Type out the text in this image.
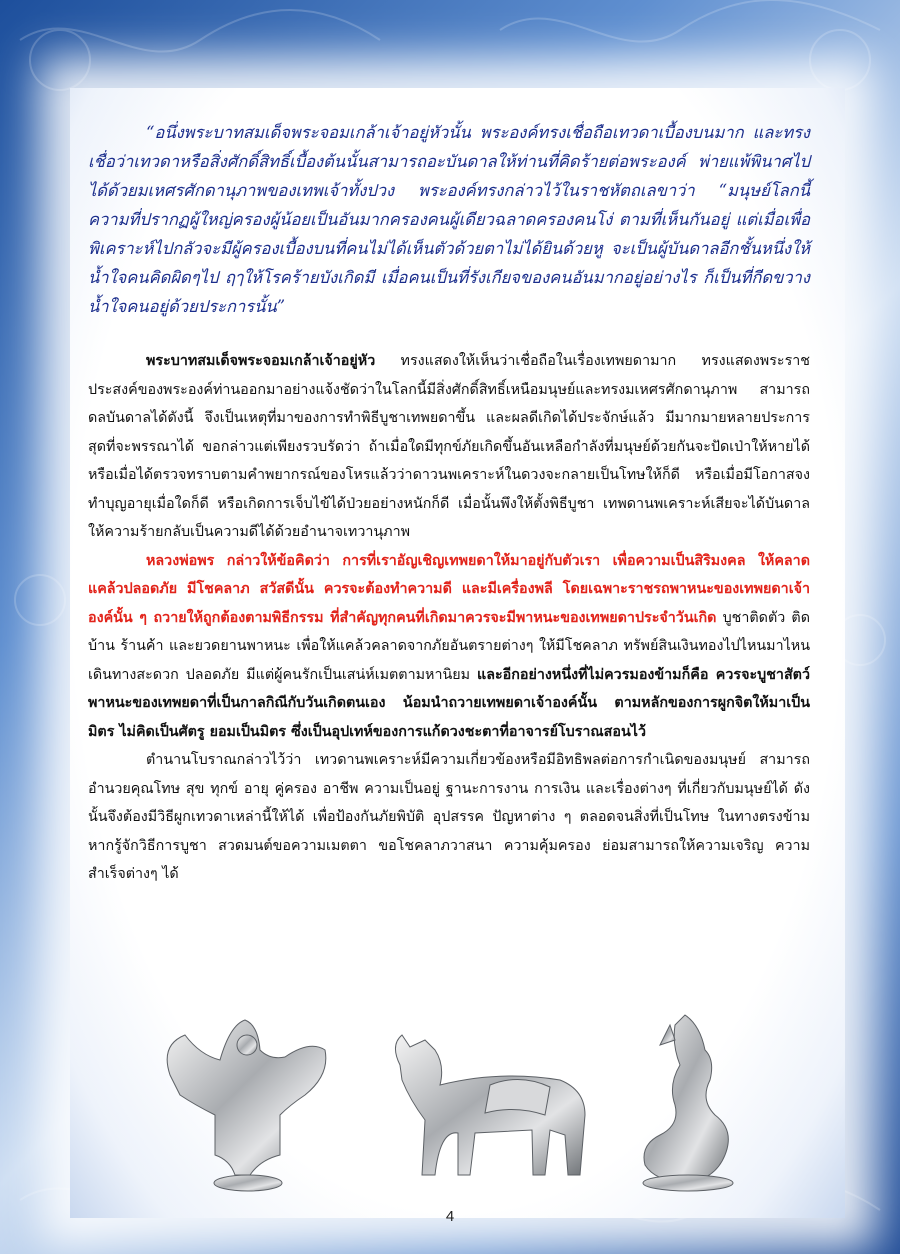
“อนึ่งพระบาทสมเด็จพระจอมเกล้าเจ้าอยู่หัวนั้น พระองค์ทรงเชื่อถือเทวดาเบื้องบนมาก และทรงเชื่อว่าเทวดาหรือสิ่งศักดิ์สิทธิ์เบื้องต้นนั้นสามารถอะบันดาลให้ท่านที่คิดร้ายต่อพระองค์ พ่ายแพ้พินาศไปได้ด้วยมเหศรศักดานุภาพของเทพเจ้าทั้งปวง พระองค์ทรงกล่าวไว้ในราชหัตถเลขาว่า “มนุษย์โลกนี้ความที่ปรากฏผู้ใหญ่ครองผู้น้อยเป็นอันมากครองคนผู้เดียวฉลาดครองคนโง่ ตามที่เห็นกันอยู่ แต่เมื่อเพื่อพิเคราะห์ไปกลัวจะมีผู้ครองเบื้องบนที่คนไม่ได้เห็นตัวด้วยตาไม่ได้ยินด้วยหู จะเป็นผู้บันดาลอีกชั้นหนึ่งให้น้ำใจคนคิดผิดๆไป ฤๅให้โรคร้ายบังเกิดมี เมื่อคนเป็นที่รังเกียจของคนอันมากอยู่อย่างไร ก็เป็นที่กีดขวางน้ำใจคนอยู่ด้วยประการนั้น”

พระบาทสมเด็จพระจอมเกล้าเจ้าอยู่หัว ทรงแสดงให้เห็นว่าเชื่อถือในเรื่องเทพยดามาก ทรงแสดงพระราชประสงค์ของพระองค์ท่านออกมาอย่างแจ้งชัดว่าในโลกนี้มีสิ่งศักดิ์สิทธิ์เหนือมนุษย์และทรงมเหศรศักดานุภาพ สามารถดลบันดาลได้ดังนี้ จึงเป็นเหตุที่มาของการทำพิธีบูชาเทพยดาขึ้น และผลดีเกิดได้ประจักษ์แล้ว มีมากมายหลายประการ สุดที่จะพรรณาได้ ขอกล่าวแต่เพียงรวบรัดว่า ถ้าเมื่อใดมีทุกข์ภัยเกิดขึ้นอันเหลือกำลังที่มนุษย์ด้วยกันจะปัดเป่าให้หายได้ หรือเมื่อได้ตรวจทราบตามคำพยากรณ์ของโหรแล้วว่าดาวนพเคราะห์ในดวงจะกลายเป็นโทษให้ก็ดี หรือเมื่อมีโอกาสจงทำบุญอายุเมื่อใดก็ดี หรือเกิดการเจ็บไข้ได้ป่วยอย่างหนักก็ดี เมื่อนั้นพึงให้ตั้งพิธีบูชา เทพดานพเคราะห์เสียจะได้บันดาลให้ความร้ายกลับเป็นความดีได้ด้วยอำนาจเทวานุภาพ

หลวงพ่อพร กล่าวให้ข้อคิดว่า การที่เราอัญเชิญเทพยดาให้มาอยู่กับตัวเรา เพื่อความเป็นสิริมงคล ให้คลาดแคล้วปลอดภัย มีโชคลาภ สวัสดีนั้น ควรจะต้องทำความดี และมีเครื่องพลี โดยเฉพาะราชรถพาหนะของเทพยดาเจ้าองค์นั้น ๆ ถวายให้ถูกต้องตามพิธีกรรม ที่สำคัญทุกคนที่เกิดมาควรจะมีพาหนะของเทพยดาประจำวันเกิด บูชาติดตัว ติดบ้าน ร้านค้า และยวดยานพาหนะ เพื่อให้แคล้วคลาดจากภัยอันตรายต่างๆ ให้มีโชคลาภ ทรัพย์สินเงินทองไปไหนมาไหนเดินทางสะดวก ปลอดภัย มีแต่ผู้คนรักเป็นเสน่ห์เมตตามหานิยม และอีกอย่างหนึ่งที่ไม่ควรมองข้ามก็คือ ควรจะบูชาสัตว์พาหนะของเทพยดาที่เป็นกาลกิณีกับวันเกิดตนเอง น้อมนำถวายเทพยดาเจ้าองค์นั้น ตามหลักของการผูกจิตให้มาเป็นมิตร ไม่คิดเป็นศัตรู ยอมเป็นมิตร ซึ่งเป็นอุปเทห์ของการแก้ดวงชะตาที่อาจารย์โบราณสอนไว้

ตำนานโบราณกล่าวไว้ว่า เทวดานพเคราะห์มีความเกี่ยวข้องหรือมีอิทธิพลต่อการกำเนิดของมนุษย์ สามารถอำนวยคุณโทษ สุข ทุกข์ อายุ คู่ครอง อาชีพ ความเป็นอยู่ ฐานะการงาน การเงิน และเรื่องต่างๆ ที่เกี่ยวกับมนุษย์ได้ ดังนั้นจึงต้องมีวิธีผูกเทวดาเหล่านี้ให้ได้ เพื่อป้องกันภัยพิบัติ อุปสรรค ปัญหาต่าง ๆ ตลอดจนสิ่งที่เป็นโทษ ในทางตรงข้าม หากรู้จักวิธีการบูชา สวดมนต์ขอความเมตตา ขอโชคลาภวาสนา ความคุ้มครอง ย่อมสามารถให้ความเจริญ ความสำเร็จต่างๆ ได้

4
